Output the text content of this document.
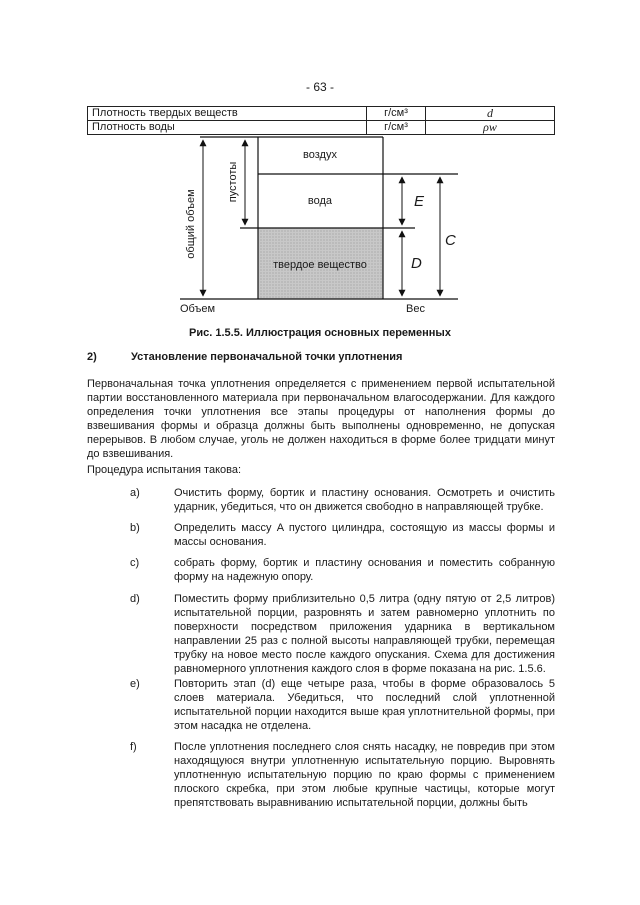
- 63 -
Плотность твердых веществ	г/см³	d
Плотность воды	г/см³	ρw
воздух
вода
твердое вещество
общий объем
пустоты	E
D
C
Объем	Вес
Рис. 1.5.5. Иллюстрация основных переменных
2)	Установление первоначальной точки уплотнения
Первоначальная точка уплотнения определяется с применением первой испытательной партии восстановленного материала при первоначальном влагосодержании. Для каждого определения точки уплотнения все этапы процедуры от наполнения формы до взвешивания формы и образца должны быть выполнены одновременно, не допуская перерывов. В любом случае, уголь не должен находиться в форме более тридцати минут до взвешивания.
Процедура испытания такова:
a)	Очистить форму, бортик и пластину основания. Осмотреть и очистить ударник, убедиться, что он движется свободно в направляющей трубке.
b)	Определить массу A пустого цилиндра, состоящую из массы формы и массы основания.
c)	собрать форму, бортик и пластину основания и поместить собранную форму на надежную опору.
d)	Поместить форму приблизительно 0,5 литра (одну пятую от 2,5 литров) испытательной порции, разровнять и затем равномерно уплотнить по поверхности посредством приложения ударника в вертикальном направлении 25 раз с полной высоты направляющей трубки, перемещая трубку на новое место после каждого опускания. Схема для достижения равномерного уплотнения каждого слоя в форме показана на рис. 1.5.6.
e)	Повторить этап (d) еще четыре раза, чтобы в форме образовалось 5 слоев материала. Убедиться, что последний слой уплотненной испытательной порции находится выше края уплотнительной формы, при этом насадка не отделена.
f)	После уплотнения последнего слоя снять насадку, не повредив при этом находящуюся внутри уплотненную испытательную порцию. Выровнять уплотненную испытательную порцию по краю формы с применением плоского скребка, при этом любые крупные частицы, которые могут препятствовать выравниванию испытательной порции, должны быть
